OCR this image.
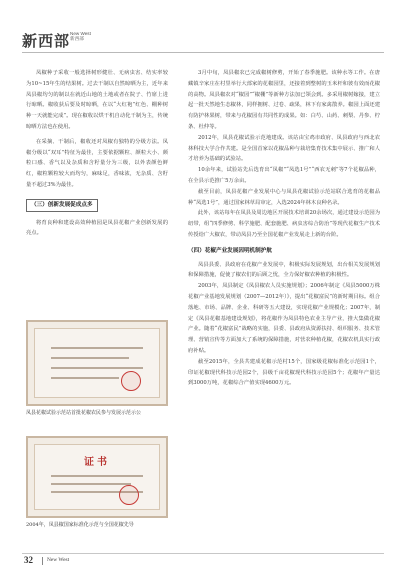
新西部 New West
新西部

凤椒种子采收一般选择树形健壮、无病虫害、结实率较为10~15年生的结果树。过去干制以自然晾晒为主，近年来凤县椒均匀的制以在就近山地的土地或者在院子、竹席上进行晾晒。椒收获后要及时晾晒，在以“大红袍”红色、棚种树种一天就能完成”。现在椒收以烘干机自动化干制为主，传统晾晒方法也在使用。

在采摘、干制后，椒收还对凤椒有独特的分级方法。凤椒分级以“双耳”特征为最佳，主要依据颗粒、颜粒大小、颜粒口感、香气以及杂质和含籽量分为三级，以外表颜色鲜红，椒粒颗粒较大而均匀，麻味足，香味浓，无杂质、含籽量不超过3%为最佳。

（三）创新发展促成点多

将育良种和建设高效种植园是凤县花椒产业创新发展的亮点。

凤县花椒试验示范站首批花椒农民参与发展示范示公
证书
2004年，凤县椒国家标准化示范与全国花椒先导

3月中旬，凤县椒农已完成椒树修剪，开始了春季施肥。该种水等工作。在唐藏镇辛家庄在村里举行大部家的花椒园里，还接着到整树的玉米杆和彼有效而花椒的高物。凤县椒农对“椒园”“椒棚”等新种方法加已领会到。多采用椒树嫁接，建立起一批天然地生态椒林，同样拥树、过卷、疏果，林下有家禽散养。椒园上面还建有防护林果树，带来与花椒园有共同性的成果。如：白芍、山药、刺梨、丹参、柠条、杜仲等。

2012年，凤县花椒试验示范地建成。该站由宝鸡市政府、凤县政府与西北农林科技大学合作共建。是全国首家以花椒品种与栽培集育技术集中展示、推广和人才培养为基础的试验站。

10余年来，试验站先后选育出“凤椒”“凤选1号”“西农无刺”等7个花椒品种，在全县示范推广5万余亩。

截至目前，凤县花椒产业发展中心与凤县花椒试验示范站联合选育的花椒品种“凤选1号”，通过国家林草局审定，入选2024年林木良种名录。

此外，该站每年在凤县及周边地区开展技术培训20余场次，通过建设示范园为纽带，组“四季修剪、科学施肥、配套施肥、病虫害综合防治”等现代花椒生产技术传授给广大椒农，带动凤县乃至全国花椒产业发展走上新的台阶。

（四）花椒产业发展因明机制护航

凤县县委、县政府在花椒产业发展中，积极实际发展规划，出台相关发展规划和保障措施，促使了椒农们的后顾之忧，全力保好椒农种植的积极性。

2003年，凤县制定《凤县椒农人员实施规划》；2006年制定《凤县5000万株花椒产业基地发展规划（2007—2012年）》，提出“花椒富民”的新时期目标。组合落地、市场、品牌、企业、科研等五大建设，实现花椒产业规模化；2007年，制定《凤县花椒基地建设规划》，将花椒作为凤县特色农业主导产业，推大集做花椒产业。随着“花椒富民”战略的实施，县委、县政府从资源扶持、组织服务、技术管理、营销宣传等方面加大了系统的保障措施，对营农种植花椒，花椒农机具实行政府补贴。

截至2015年，全县共建成花椒示范村15个，国家级花椒标准化示范园1个，印证花椒现代科技示范园2个，县级千亩花椒现代科技示范园5个；花椒年产量达到3000万吨，花椒综合产值实现4600万元。

32	New West
